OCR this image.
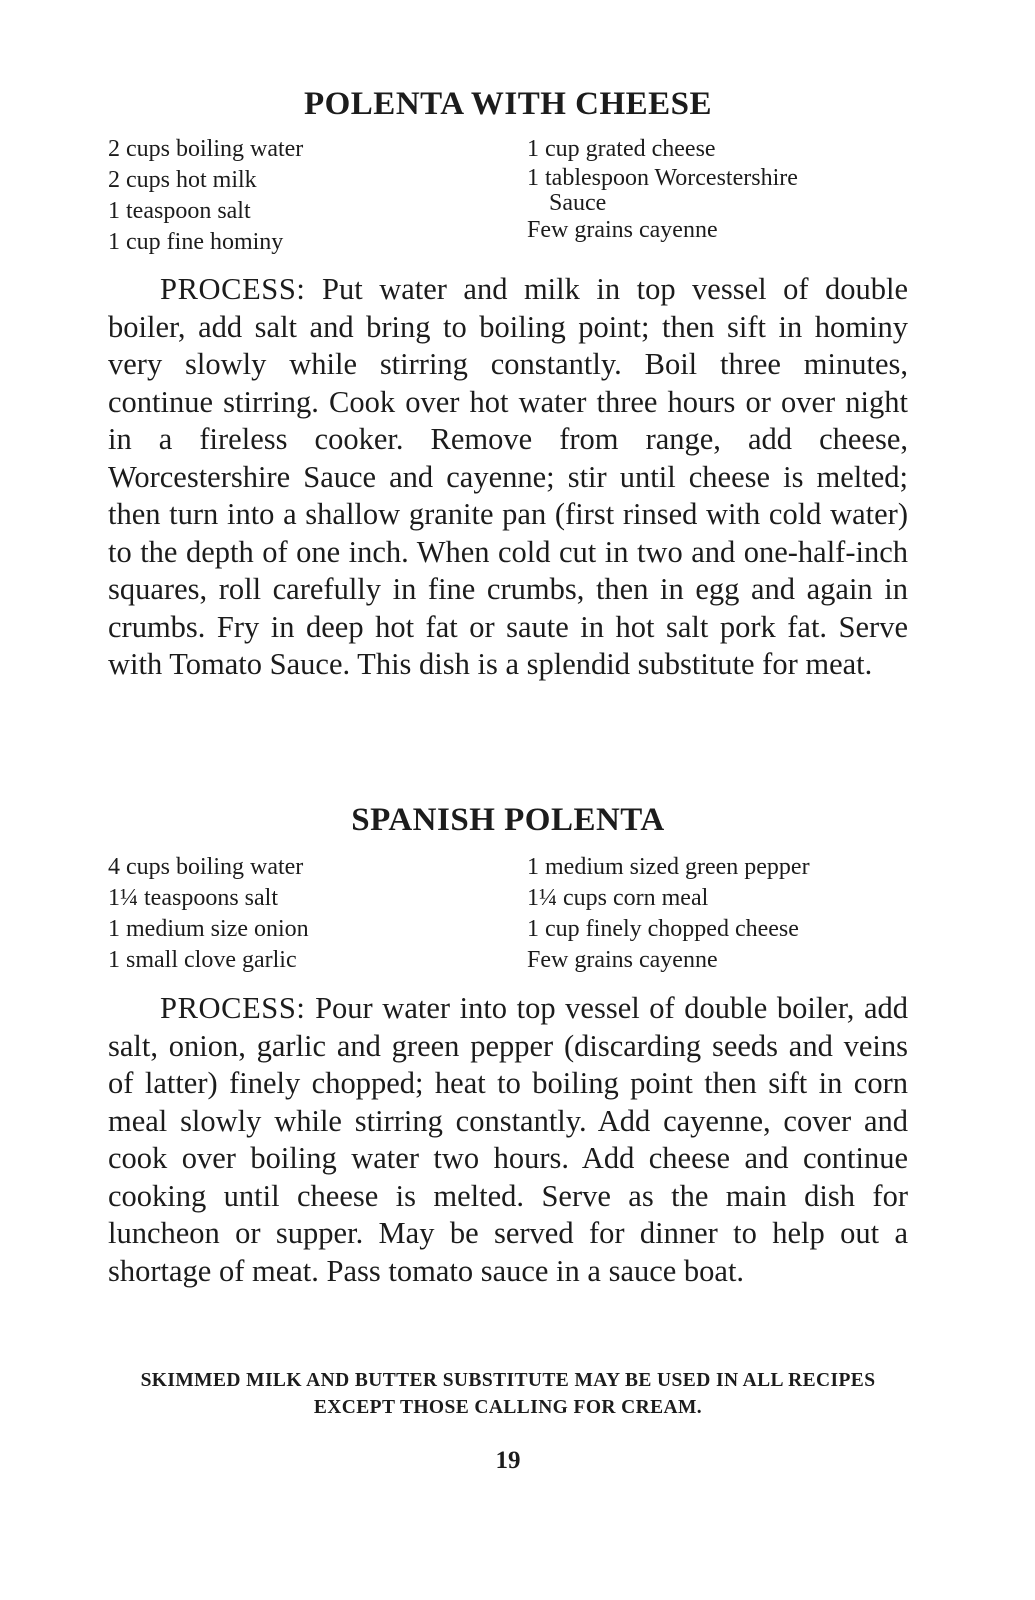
POLENTA WITH CHEESE
2 cups boiling water
2 cups hot milk
1 teaspoon salt
1 cup fine hominy
1 cup grated cheese
1 tablespoon Worcestershire
Sauce
Few grains cayenne

PROCESS: Put water and milk in top vessel of double boiler, add salt and bring to boiling point; then sift in hominy very slowly while stirring constantly. Boil three minutes, continue stirring. Cook over hot water three hours or over night in a fireless cooker. Remove from range, add cheese, Worcestershire Sauce and cayenne; stir until cheese is melted; then turn into a shallow granite pan (first rinsed with cold water) to the depth of one inch. When cold cut in two and one-half-inch squares, roll carefully in fine crumbs, then in egg and again in crumbs. Fry in deep hot fat or saute in hot salt pork fat. Serve with Tomato Sauce. This dish is a splendid substitute for meat.

SPANISH POLENTA
4 cups boiling water
1¼ teaspoons salt
1 medium size onion
1 small clove garlic
1 medium sized green pepper
1¼ cups corn meal
1 cup finely chopped cheese
Few grains cayenne

PROCESS: Pour water into top vessel of double boiler, add salt, onion, garlic and green pepper (discarding seeds and veins of latter) finely chopped; heat to boiling point then sift in corn meal slowly while stirring constantly. Add cayenne, cover and cook over boiling water two hours. Add cheese and continue cooking until cheese is melted. Serve as the main dish for luncheon or supper. May be served for dinner to help out a shortage of meat. Pass tomato sauce in a sauce boat.

SKIMMED MILK AND BUTTER SUBSTITUTE MAY BE USED IN ALL RECIPES EXCEPT THOSE CALLING FOR CREAM.

19
